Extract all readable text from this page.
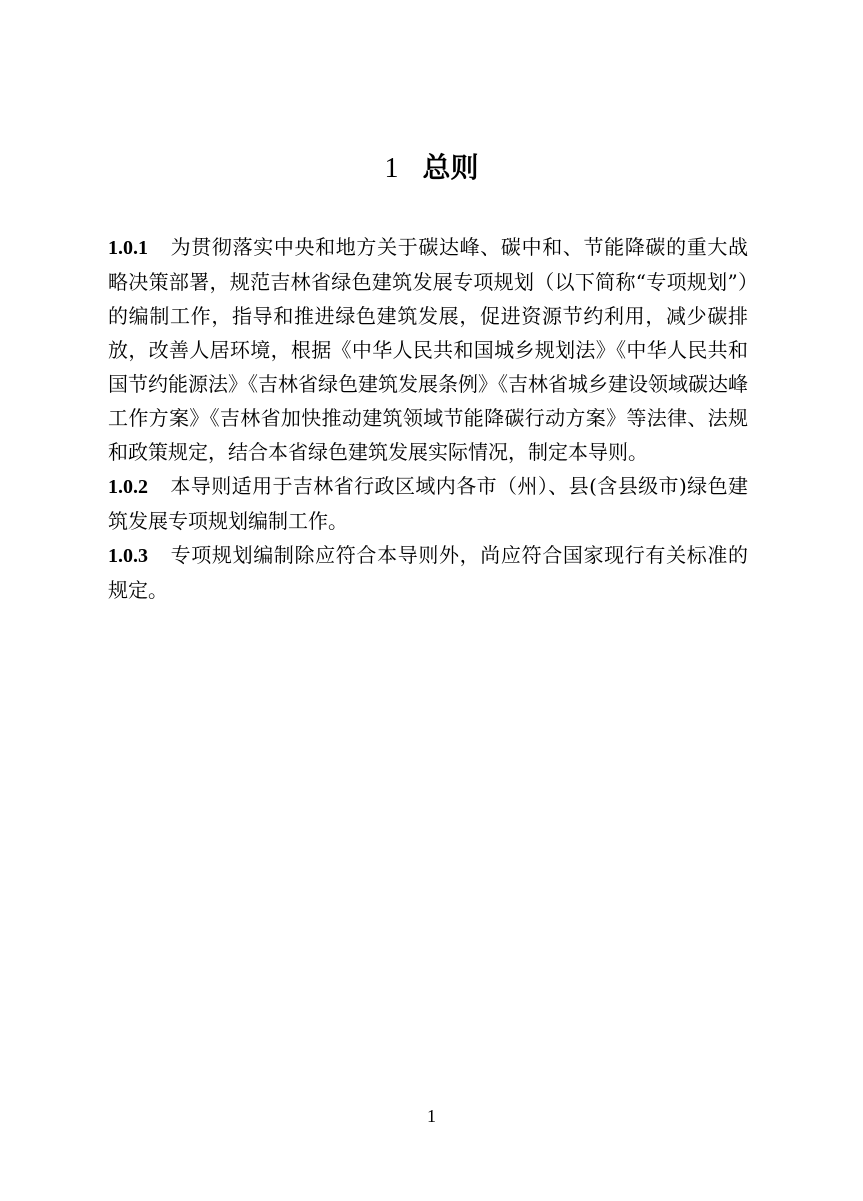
1 总则

1.0.1 为贯彻落实中央和地方关于碳达峰、碳中和、节能降碳的重大战略决策部署，规范吉林省绿色建筑发展专项规划（以下简称“专项规划”）的编制工作，指导和推进绿色建筑发展，促进资源节约利用，减少碳排放，改善人居环境，根据《中华人民共和国城乡规划法》《中华人民共和国节约能源法》《吉林省绿色建筑发展条例》《吉林省城乡建设领域碳达峰工作方案》《吉林省加快推动建筑领域节能降碳行动方案》等法律、法规和政策规定，结合本省绿色建筑发展实际情况，制定本导则。

1.0.2 本导则适用于吉林省行政区域内各市（州）、县(含县级市)绿色建筑发展专项规划编制工作。

1.0.3 专项规划编制除应符合本导则外，尚应符合国家现行有关标准的规定。

1
